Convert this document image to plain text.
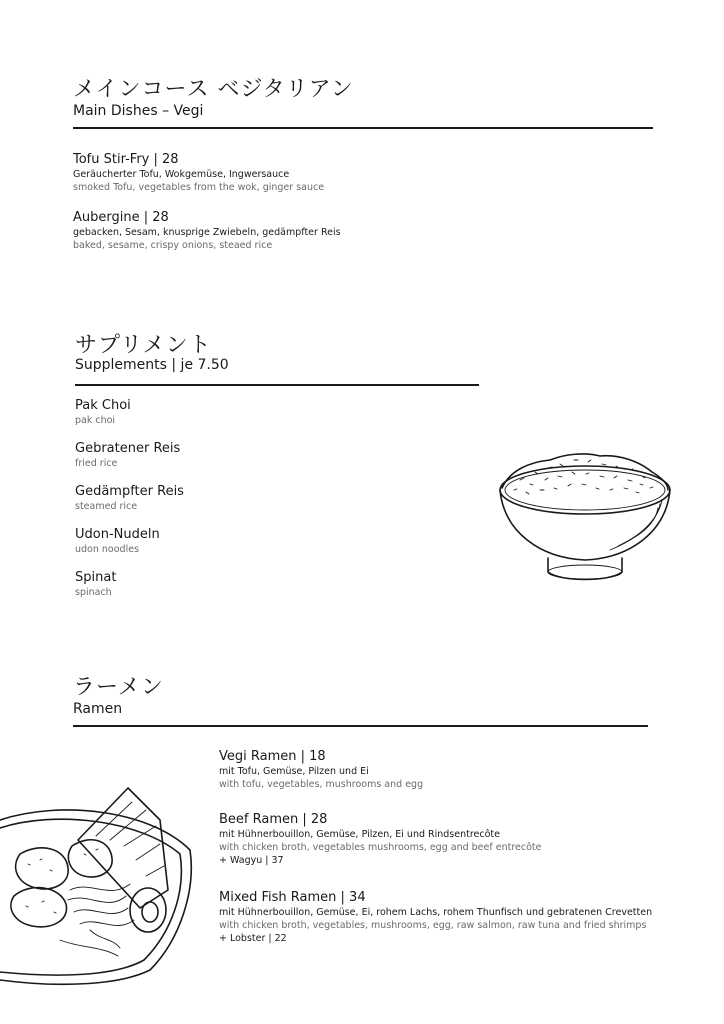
メインコース ベジタリアン
Main Dishes – Vegi
Tofu Stir-Fry | 28
Geräucherter Tofu, Wokgemüse, Ingwersauce
smoked Tofu, vegetables from the wok, ginger sauce
Aubergine | 28
gebacken, Sesam, knusprige Zwiebeln, gedämpfter Reis
baked, sesame, crispy onions, steaed rice
サプリメント
Supplements | je 7.50
Pak Choi
pak choi
Gebratener Reis
fried rice
Gedämpfter Reis
steamed rice
Udon-Nudeln
udon noodles
Spinat
spinach
ラーメン
Ramen
Vegi Ramen | 18
mit Tofu, Gemüse, Pilzen und Ei
with tofu, vegetables, mushrooms and egg
Beef Ramen | 28
mit Hühnerbouillon, Gemüse, Pilzen, Ei und Rindsentrecôte
with chicken broth, vegetables mushrooms, egg and beef entrecôte
+ Wagyu | 37
Mixed Fish Ramen | 34
mit Hühnerbouillon, Gemüse, Ei, rohem Lachs, rohem Thunfisch und gebratenen Crevetten
with chicken broth, vegetables, mushrooms, egg, raw salmon, raw tuna and fried shrimps
+ Lobster | 22
